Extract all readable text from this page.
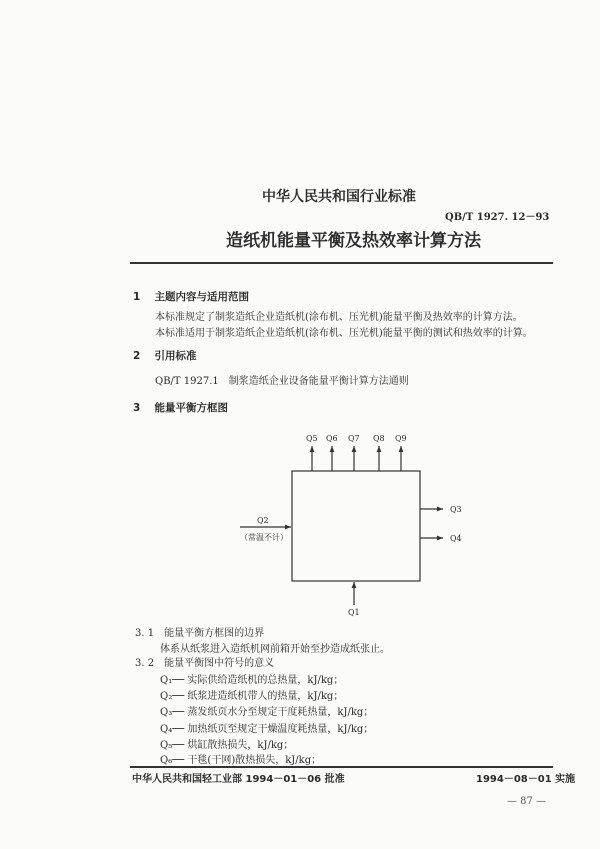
中华人民共和国行业标准
QB/T 1927. 12－93
造纸机能量平衡及热效率计算方法
1　 主题内容与适用范围
本标准规定了制浆造纸企业造纸机(涂布机、压光机)能量平衡及热效率的计算方法。
本标准适用于制浆造纸企业造纸机(涂布机、压光机)能量平衡的测试和热效率的计算。
2　 引用标准
QB/T 1927.1　制浆造纸企业设备能量平衡计算方法通则
3　 能量平衡方框图
Q5 Q6 Q7 Q8 Q9
Q3
Q4
Q2
（常温不计）
Q1
3. 1　 能量平衡方框图的边界
体系从纸浆进入造纸机网前箱开始至抄造成纸张止。
3. 2　 能量平衡图中符号的意义
Q₁── 实际供给造纸机的总热量，kJ/kg；
Q₂── 纸浆进造纸机带人的热量，kJ/kg；
Q₃── 蒸发纸页水分至规定干度耗热量，kJ/kg；
Q₄── 加热纸页至规定干燥温度耗热量，kJ/kg；
Q₅── 烘缸散热损失，kJ/kg；
Q₆── 干毯(干网)散热损失，kJ/kg；
中华人民共和国轻工业部 1994－01－06 批准	1994－08－01 实施
— 87 —
